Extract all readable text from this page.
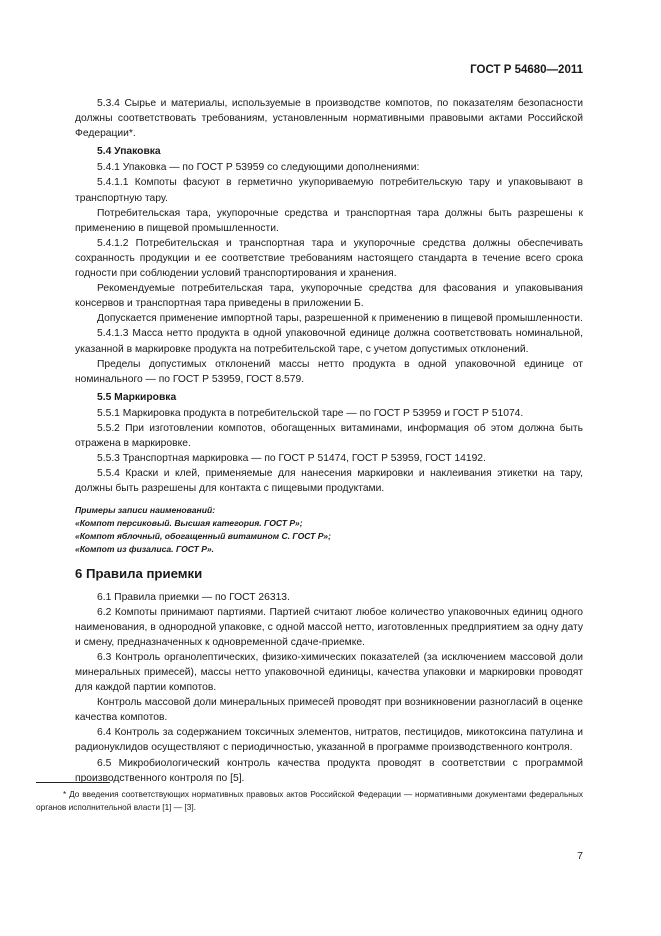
ГОСТ Р 54680—2011

5.3.4 Сырье и материалы, используемые в производстве компотов, по показателям безопасности должны соответствовать требованиям, установленным нормативными правовыми актами Российской Федерации*.

5.4 Упаковка

5.4.1 Упаковка — по ГОСТ Р 53959 со следующими дополнениями:

5.4.1.1 Компоты фасуют в герметично укупориваемую потребительскую тару и упаковывают в транспортную тару.

Потребительская тара, укупорочные средства и транспортная тара должны быть разрешены к применению в пищевой промышленности.

5.4.1.2 Потребительская и транспортная тара и укупорочные средства должны обеспечивать сохранность продукции и ее соответствие требованиям настоящего стандарта в течение всего срока годности при соблюдении условий транспортирования и хранения.

Рекомендуемые потребительская тара, укупорочные средства для фасования и упаковывания консервов и транспортная тара приведены в приложении Б.

Допускается применение импортной тары, разрешенной к применению в пищевой промышленности.

5.4.1.3 Масса нетто продукта в одной упаковочной единице должна соответствовать номинальной, указанной в маркировке продукта на потребительской таре, с учетом допустимых отклонений.

Пределы допустимых отклонений массы нетто продукта в одной упаковочной единице от номинального — по ГОСТ Р 53959, ГОСТ 8.579.

5.5 Маркировка

5.5.1 Маркировка продукта в потребительской таре — по ГОСТ Р 53959 и ГОСТ Р 51074.

5.5.2 При изготовлении компотов, обогащенных витаминами, информация об этом должна быть отражена в маркировке.

5.5.3 Транспортная маркировка — по ГОСТ Р 51474, ГОСТ Р 53959, ГОСТ 14192.

5.5.4 Краски и клей, применяемые для нанесения маркировки и наклеивания этикетки на тару, должны быть разрешены для контакта с пищевыми продуктами.

Примеры записи наименований:
«Компот персиковый. Высшая категория. ГОСТ Р»;
«Компот яблочный, обогащенный витамином С. ГОСТ Р»;
«Компот из физалиса. ГОСТ Р».
6 Правила приемки

6.1 Правила приемки — по ГОСТ 26313.

6.2 Компоты принимают партиями. Партией считают любое количество упаковочных единиц одного наименования, в однородной упаковке, с одной массой нетто, изготовленных предприятием за одну дату и смену, предназначенных к одновременной сдаче-приемке.

6.3 Контроль органолептических, физико-химических показателей (за исключением массовой доли минеральных примесей), массы нетто упаковочной единицы, качества упаковки и маркировки проводят для каждой партии компотов.

Контроль массовой доли минеральных примесей проводят при возникновении разногласий в оценке качества компотов.

6.4 Контроль за содержанием токсичных элементов, нитратов, пестицидов, микотоксина патулина и радионуклидов осуществляют с периодичностью, указанной в программе производственного контроля.

6.5 Микробиологический контроль качества продукта проводят в соответствии с программой производственного контроля по [5].

* До введения соответствующих нормативных правовых актов Российской Федерации — нормативными документами федеральных органов исполнительной власти [1] — [3].
7
